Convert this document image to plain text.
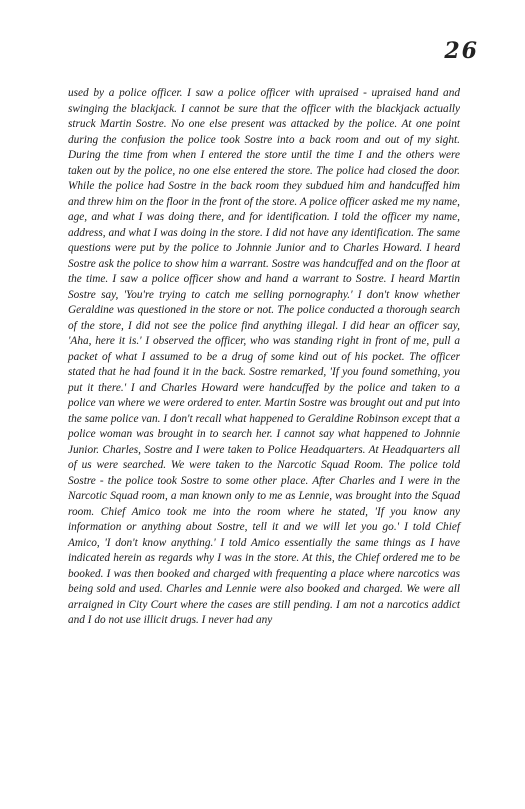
26

used by a police officer. I saw a police officer with upraised - upraised hand and swinging the blackjack. I cannot be sure that the officer with the blackjack actually struck Martin Sostre. No one else present was attacked by the police. At one point during the confusion the police took Sostre into a back room and out of my sight. During the time from when I entered the store until the time I and the others were taken out by the police, no one else entered the store. The police had closed the door. While the police had Sostre in the back room they subdued him and handcuffed him and threw him on the floor in the front of the store. A police officer asked me my name, age, and what I was doing there, and for identification. I told the officer my name, address, and what I was doing in the store. I did not have any identification. The same questions were put by the police to Johnnie Junior and to Charles Howard. I heard Sostre ask the police to show him a warrant. Sostre was handcuffed and on the floor at the time. I saw a police officer show and hand a warrant to Sostre. I heard Martin Sostre say, 'You're trying to catch me selling pornography.' I don't know whether Geraldine was questioned in the store or not. The police conducted a thorough search of the store, I did not see the police find anything illegal. I did hear an officer say, 'Aha, here it is.' I observed the officer, who was standing right in front of me, pull a packet of what I assumed to be a drug of some kind out of his pocket. The officer stated that he had found it in the back. Sostre remarked, 'If you found something, you put it there.' I and Charles Howard were handcuffed by the police and taken to a police van where we were ordered to enter. Martin Sostre was brought out and put into the same police van. I don't recall what happened to Geraldine Robinson except that a police woman was brought in to search her. I cannot say what happened to Johnnie Junior. Charles, Sostre and I were taken to Police Headquarters. At Headquarters all of us were searched. We were taken to the Narcotic Squad Room. The police told Sostre - the police took Sostre to some other place. After Charles and I were in the Narcotic Squad room, a man known only to me as Lennie, was brought into the Squad room. Chief Amico took me into the room where he stated, 'If you know any information or anything about Sostre, tell it and we will let you go.' I told Chief Amico, 'I don't know anything.' I told Amico essentially the same things as I have indicated herein as regards why I was in the store. At this, the Chief ordered me to be booked. I was then booked and charged with frequenting a place where narcotics was being sold and used. Charles and Lennie were also booked and charged. We were all arraigned in City Court where the cases are still pending. I am not a narcotics addict and I do not use illicit drugs. I never had any
